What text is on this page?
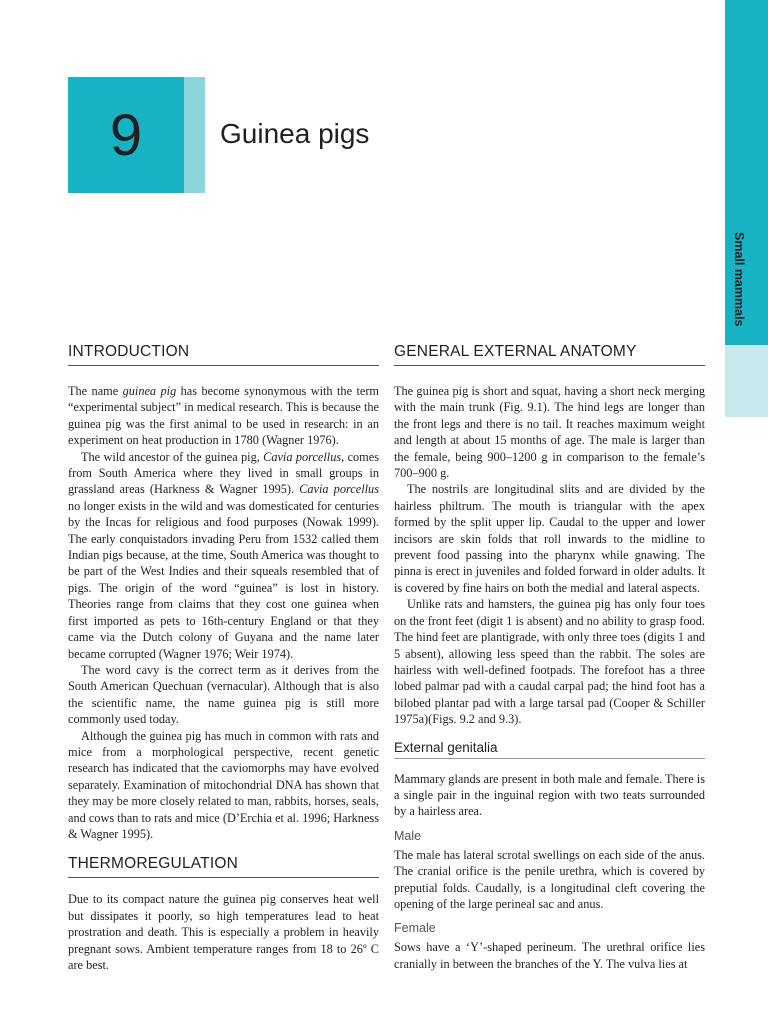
9	Guinea pigs
Small mammals
INTRODUCTION

The name guinea pig has become synonymous with the term “experimental subject” in medical research. This is because the guinea pig was the first animal to be used in research: in an experiment on heat production in 1780 (Wagner 1976).

The wild ancestor of the guinea pig, Cavia porcellus, comes from South America where they lived in small groups in grassland areas (Harkness & Wagner 1995). Cavia porcellus no longer exists in the wild and was domesticated for centuries by the Incas for religious and food purposes (Nowak 1999). The early conquistadors invading Peru from 1532 called them Indian pigs because, at the time, South America was thought to be part of the West Indies and their squeals resembled that of pigs. The origin of the word “guinea” is lost in history. Theories range from claims that they cost one guinea when first imported as pets to 16th-century England or that they came via the Dutch colony of Guyana and the name later became corrupted (Wagner 1976; Weir 1974).

The word cavy is the correct term as it derives from the South American Quechuan (vernacular). Although that is also the scientific name, the name guinea pig is still more commonly used today.

Although the guinea pig has much in common with rats and mice from a morphological perspective, recent genetic research has indicated that the caviomorphs may have evolved separately. Examination of mitochondrial DNA has shown that they may be more closely related to man, rabbits, horses, seals, and cows than to rats and mice (D’Erchia et al. 1996; Harkness & Wagner 1995).

THERMOREGULATION

Due to its compact nature the guinea pig conserves heat well but dissipates it poorly, so high temperatures lead to heat prostration and death. This is especially a problem in heavily pregnant sows. Ambient temperature ranges from 18 to 26º C are best.

GENERAL EXTERNAL ANATOMY

The guinea pig is short and squat, having a short neck merging with the main trunk (Fig. 9.1). The hind legs are longer than the front legs and there is no tail. It reaches maximum weight and length at about 15 months of age. The male is larger than the female, being 900–1200 g in comparison to the female’s 700–900 g.

The nostrils are longitudinal slits and are divided by the hairless philtrum. The mouth is triangular with the apex formed by the split upper lip. Caudal to the upper and lower incisors are skin folds that roll inwards to the midline to prevent food passing into the pharynx while gnawing. The pinna is erect in juveniles and folded forward in older adults. It is covered by fine hairs on both the medial and lateral aspects.

Unlike rats and hamsters, the guinea pig has only four toes on the front feet (digit 1 is absent) and no ability to grasp food. The hind feet are plantigrade, with only three toes (digits 1 and 5 absent), allowing less speed than the rabbit. The soles are hairless with well-defined footpads. The forefoot has a three lobed palmar pad with a caudal carpal pad; the hind foot has a bilobed plantar pad with a large tarsal pad (Cooper & Schiller 1975a)(Figs. 9.2 and 9.3).

External genitalia

Mammary glands are present in both male and female. There is a single pair in the inguinal region with two teats surrounded by a hairless area.

Male

The male has lateral scrotal swellings on each side of the anus. The cranial orifice is the penile urethra, which is covered by preputial folds. Caudally, is a longitudinal cleft covering the opening of the large perineal sac and anus.

Female

Sows have a ‘Y’-shaped perineum. The urethral orifice lies cranially in between the branches of the Y. The vulva lies at
